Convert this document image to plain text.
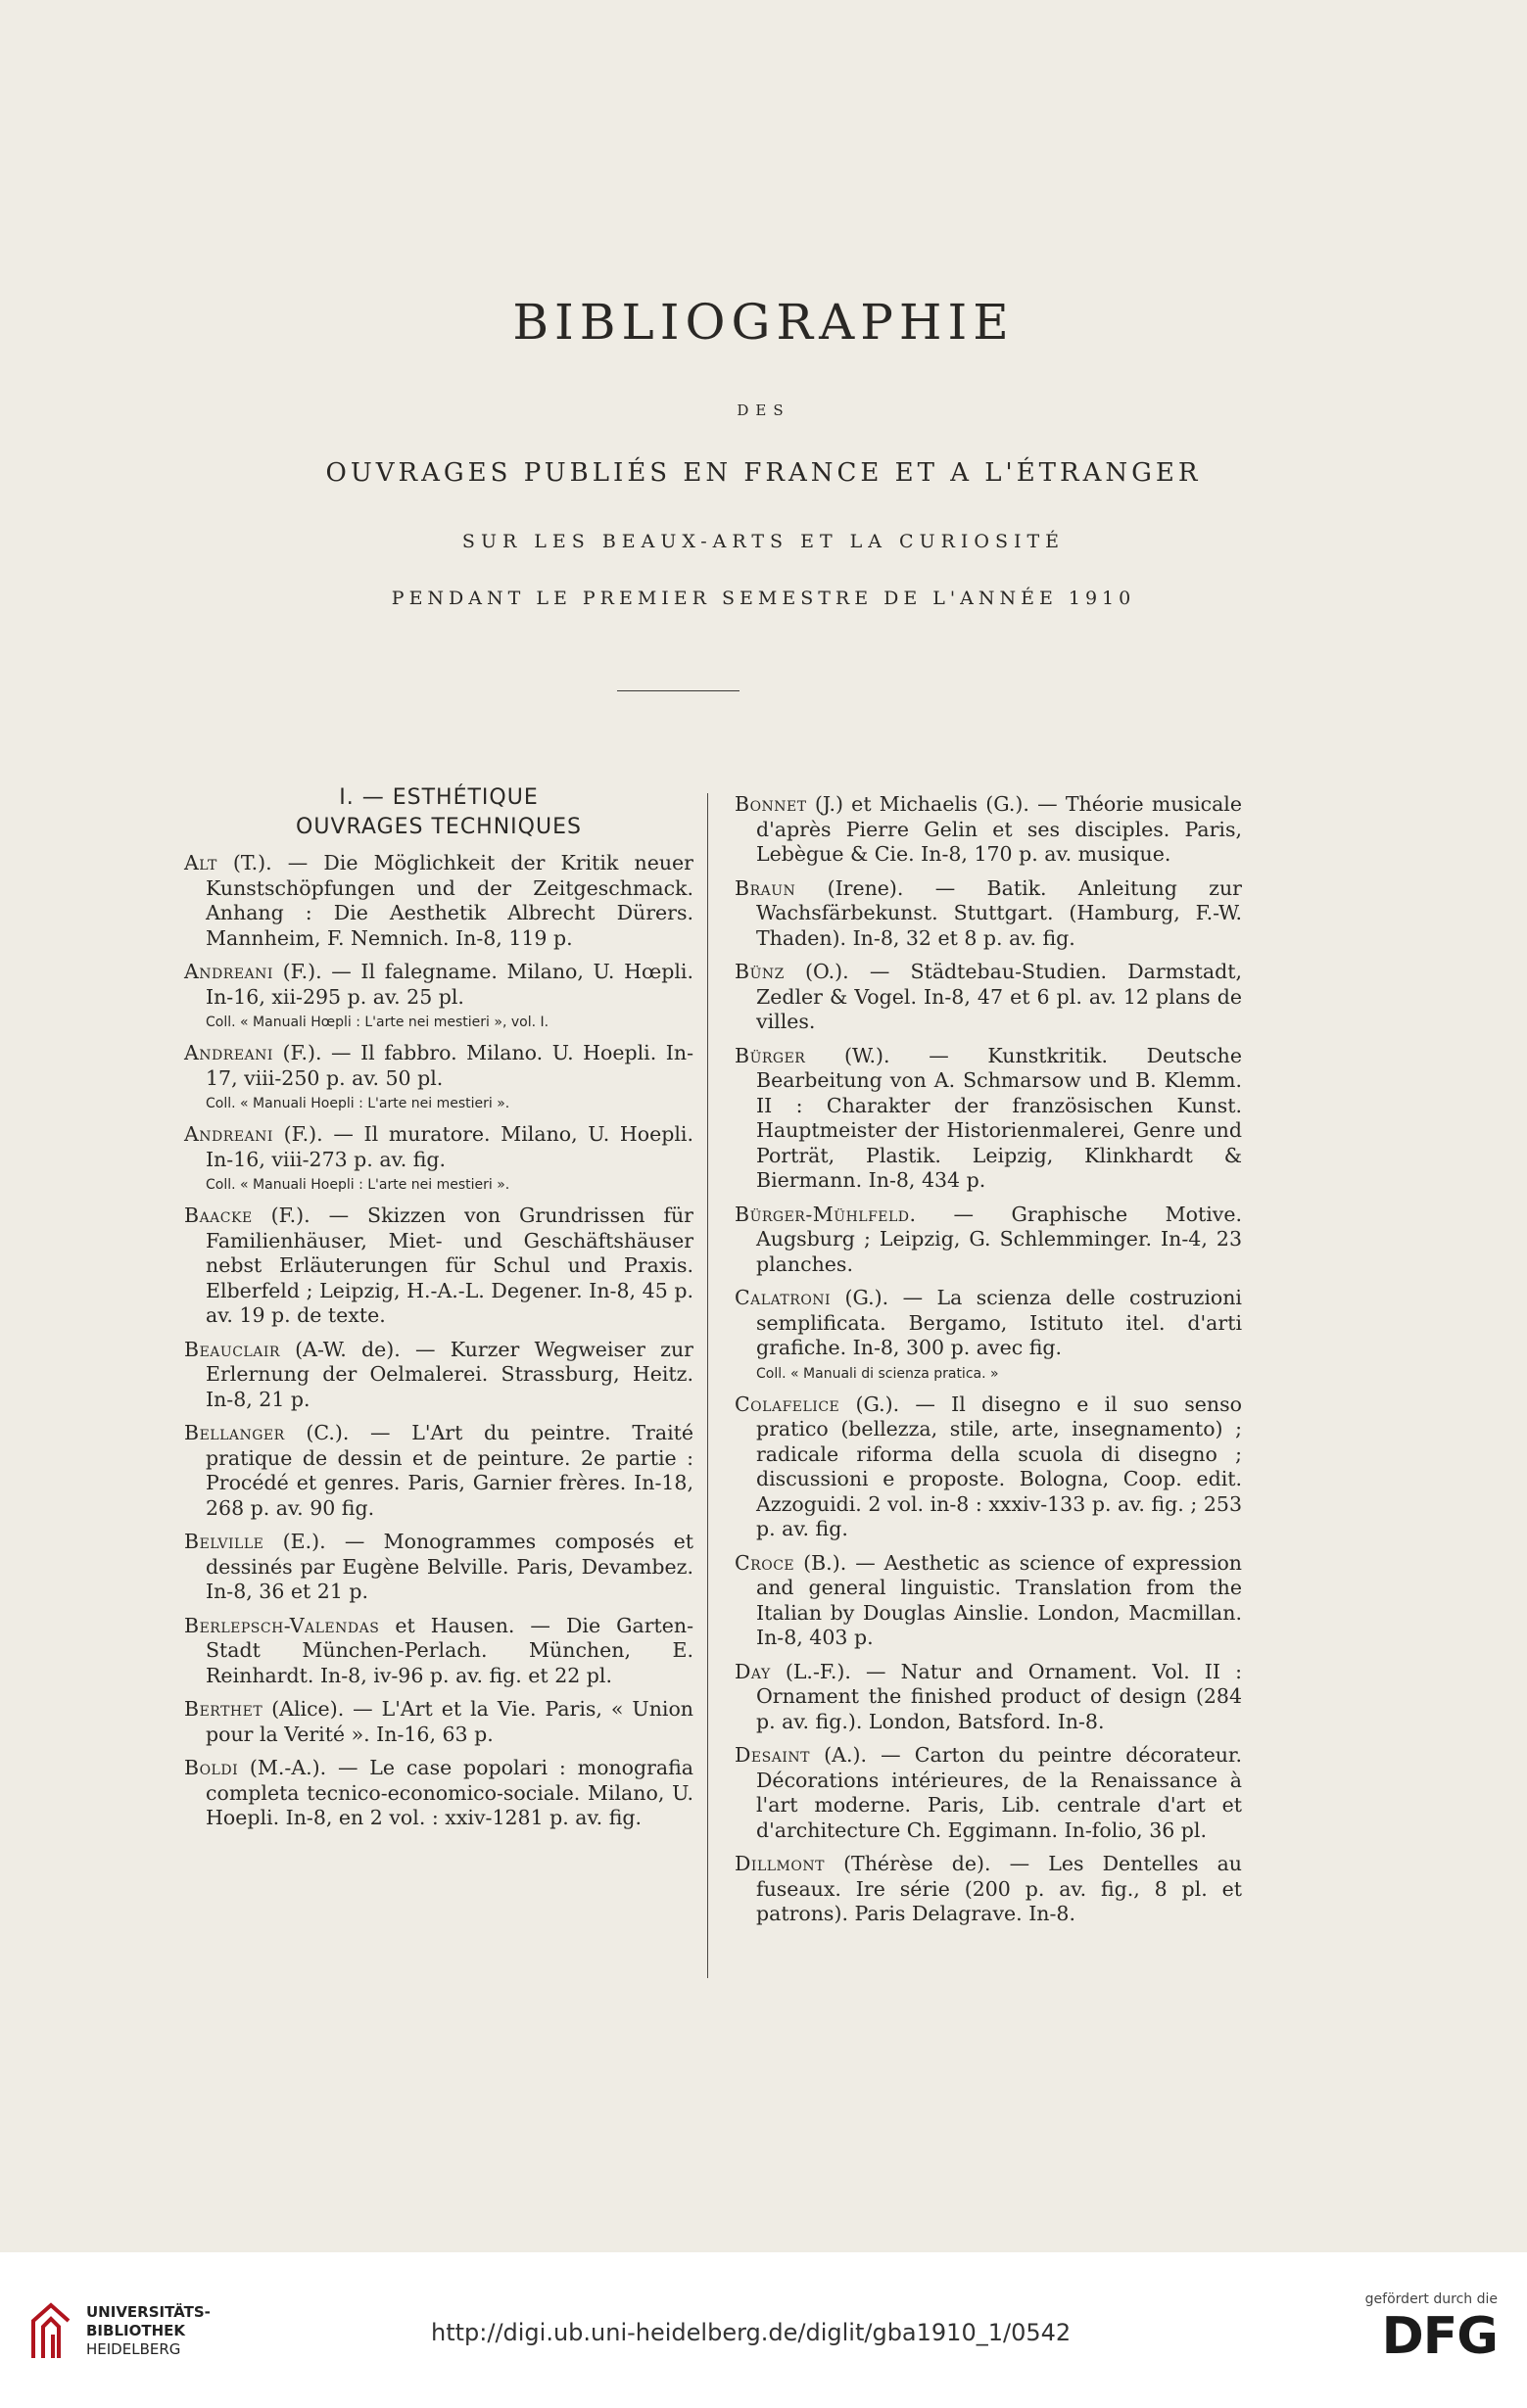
BIBLIOGRAPHIE
DES
OUVRAGES PUBLIÉS EN FRANCE ET A L'ÉTRANGER
SUR LES BEAUX-ARTS ET LA CURIOSITÉ
PENDANT LE PREMIER SEMESTRE DE L'ANNÉE 1910
I. — ESTHÉTIQUE
OUVRAGES TECHNIQUES
Alt (T.). — Die Möglichkeit der Kritik neuer Kunstschöpfungen und der Zeitgeschmack. Anhang : Die Aesthetik Albrecht Dürers. Mannheim, F. Nemnich. In-8, 119 p.
Andreani (F.). — Il falegname. Milano, U. Hœpli. In-16, xii-295 p. av. 25 pl.
Coll. « Manuali Hœpli : L'arte nei mestieri », vol. I.
Andreani (F.). — Il fabbro. Milano. U. Hoepli. In-17, viii-250 p. av. 50 pl.
Coll. « Manuali Hoepli : L'arte nei mestieri ».
Andreani (F.). — Il muratore. Milano, U. Hoepli. In-16, viii-273 p. av. fig.
Coll. « Manuali Hoepli : L'arte nei mestieri ».
Baacke (F.). — Skizzen von Grundrissen für Familienhäuser, Miet- und Geschäftshäuser nebst Erläuterungen für Schul und Praxis. Elberfeld ; Leipzig, H.-A.-L. Degener. In-8, 45 p. av. 19 p. de texte.
Beauclair (A-W. de). — Kurzer Wegweiser zur Erlernung der Oelmalerei. Strassburg, Heitz. In-8, 21 p.
Bellanger (C.). — L'Art du peintre. Traité pratique de dessin et de peinture. 2e partie : Procédé et genres. Paris, Garnier frères. In-18, 268 p. av. 90 fig.
Belville (E.). — Monogrammes composés et dessinés par Eugène Belville. Paris, Devambez. In-8, 36 et 21 p.
Berlepsch-Valendas et Hausen. — Die Garten-Stadt München-Perlach. München, E. Reinhardt. In-8, iv-96 p. av. fig. et 22 pl.
Berthet (Alice). — L'Art et la Vie. Paris, « Union pour la Verité ». In-16, 63 p.
Boldi (M.-A.). — Le case popolari : monografia completa tecnico-economico-sociale. Milano, U. Hoepli. In-8, en 2 vol. : xxiv-1281 p. av. fig.
Bonnet (J.) et Michaelis (G.). — Théorie musicale d'après Pierre Gelin et ses disciples. Paris, Lebègue & Cie. In-8, 170 p. av. musique.
Braun (Irene). — Batik. Anleitung zur Wachsfärbekunst. Stuttgart. (Hamburg, F.-W. Thaden). In-8, 32 et 8 p. av. fig.
Bünz (O.). — Städtebau-Studien. Darmstadt, Zedler & Vogel. In-8, 47 et 6 pl. av. 12 plans de villes.
Bürger (W.). — Kunstkritik. Deutsche Bearbeitung von A. Schmarsow und B. Klemm. II : Charakter der französischen Kunst. Hauptmeister der Historienmalerei, Genre und Porträt, Plastik. Leipzig, Klinkhardt & Biermann. In-8, 434 p.
Bürger-Mühlfeld. — Graphische Motive. Augsburg ; Leipzig, G. Schlemminger. In-4, 23 planches.
Calatroni (G.). — La scienza delle costruzioni semplificata. Bergamo, Istituto itel. d'arti grafiche. In-8, 300 p. avec fig.
Coll. « Manuali di scienza pratica. »
Colafelice (G.). — Il disegno e il suo senso pratico (bellezza, stile, arte, insegnamento) ; radicale riforma della scuola di disegno ; discussioni e proposte. Bologna, Coop. edit. Azzoguidi. 2 vol. in-8 : xxxiv-133 p. av. fig. ; 253 p. av. fig.
Croce (B.). — Aesthetic as science of expression and general linguistic. Translation from the Italian by Douglas Ainslie. London, Macmillan. In-8, 403 p.
Day (L.-F.). — Natur and Ornament. Vol. II : Ornament the finished product of design (284 p. av. fig.). London, Batsford. In-8.
Desaint (A.). — Carton du peintre décorateur. Décorations intérieures, de la Renaissance à l'art moderne. Paris, Lib. centrale d'art et d'architecture Ch. Eggimann. In-folio, 36 pl.
Dillmont (Thérèse de). — Les Dentelles au fuseaux. Ire série (200 p. av. fig., 8 pl. et patrons). Paris Delagrave. In-8.
UNIVERSITÄTS-
BIBLIOTHEK
HEIDELBERG
http://digi.ub.uni-heidelberg.de/diglit/gba1910_1/0542
gefördert durch die
DFG
